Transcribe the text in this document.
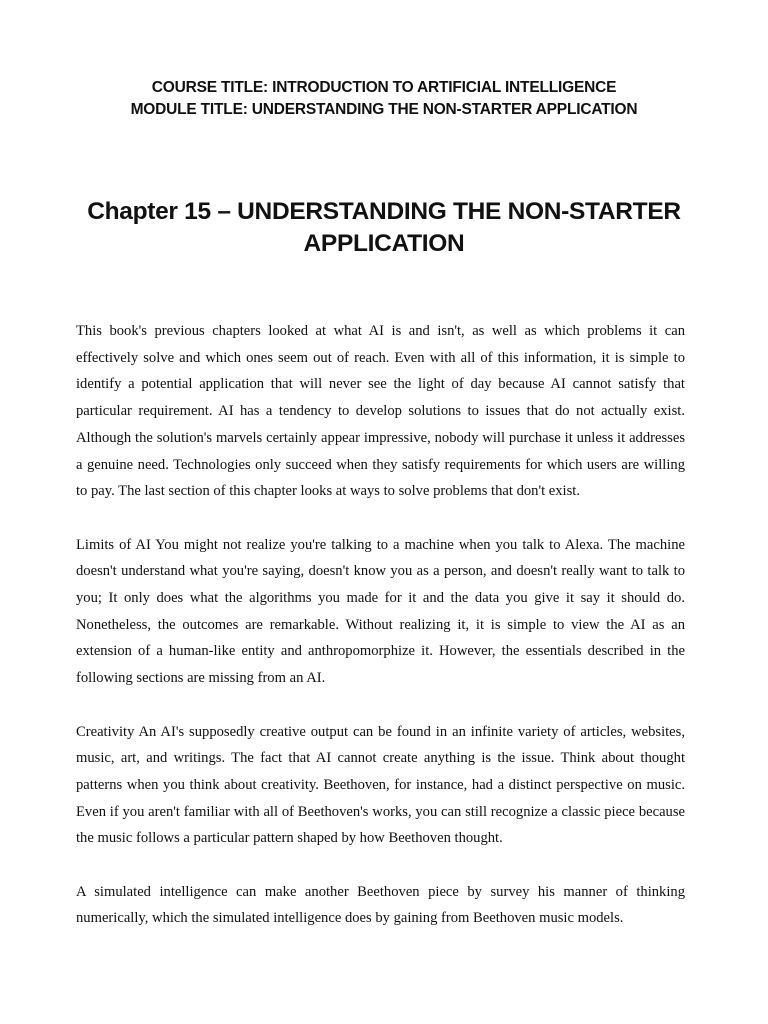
COURSE TITLE: INTRODUCTION TO ARTIFICIAL INTELLIGENCE
MODULE TITLE: UNDERSTANDING THE NON-STARTER APPLICATION
Chapter 15 – UNDERSTANDING THE NON-STARTER APPLICATION

This book's previous chapters looked at what AI is and isn't, as well as which problems it can effectively solve and which ones seem out of reach. Even with all of this information, it is simple to identify a potential application that will never see the light of day because AI cannot satisfy that particular requirement. AI has a tendency to develop solutions to issues that do not actually exist. Although the solution's marvels certainly appear impressive, nobody will purchase it unless it addresses a genuine need. Technologies only succeed when they satisfy requirements for which users are willing to pay. The last section of this chapter looks at ways to solve problems that don't exist.

Limits of AI You might not realize you're talking to a machine when you talk to Alexa. The machine doesn't understand what you're saying, doesn't know you as a person, and doesn't really want to talk to you; It only does what the algorithms you made for it and the data you give it say it should do. Nonetheless, the outcomes are remarkable. Without realizing it, it is simple to view the AI as an extension of a human-like entity and anthropomorphize it. However, the essentials described in the following sections are missing from an AI.

Creativity An AI's supposedly creative output can be found in an infinite variety of articles, websites, music, art, and writings. The fact that AI cannot create anything is the issue. Think about thought patterns when you think about creativity. Beethoven, for instance, had a distinct perspective on music. Even if you aren't familiar with all of Beethoven's works, you can still recognize a classic piece because the music follows a particular pattern shaped by how Beethoven thought.

A simulated intelligence can make another Beethoven piece by survey his manner of thinking numerically, which the simulated intelligence does by gaining from Beethoven music models.
